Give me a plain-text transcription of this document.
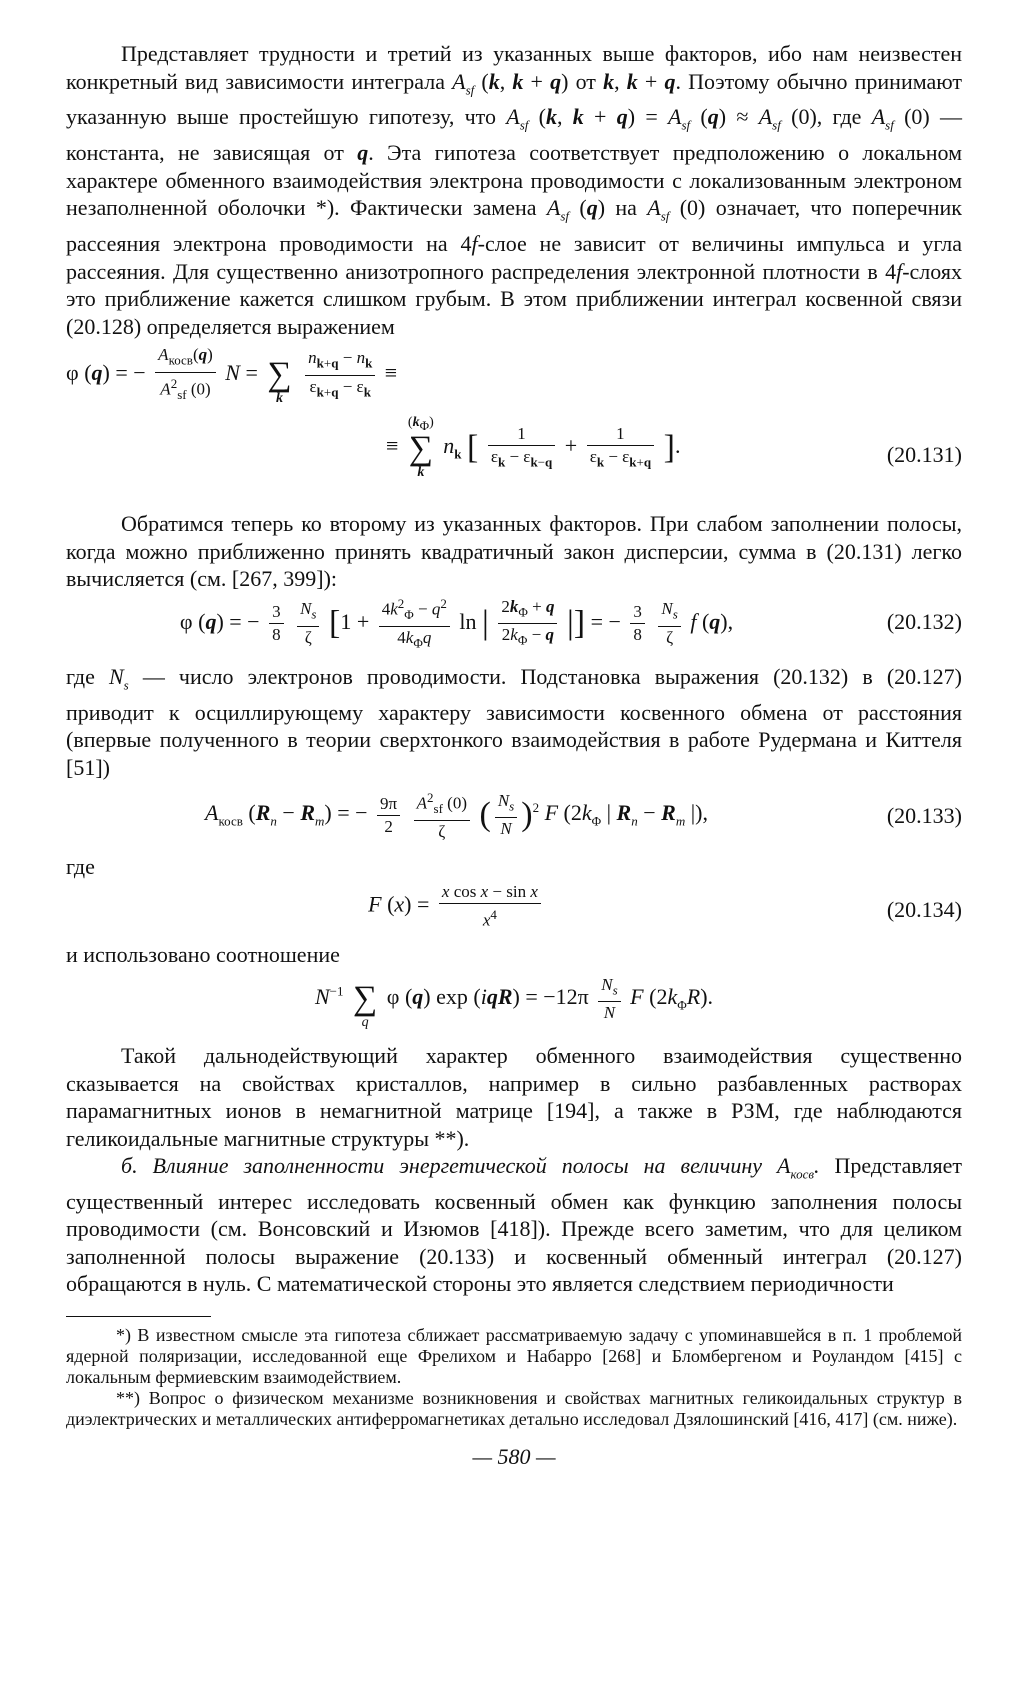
Представляет трудности и третий из указанных выше факторов, ибо нам неизвестен конкретный вид зависимости интеграла $A_{sf}$ (k, k + q) от k, k + q. Поэтому обычно принимают указанную выше простейшую гипотезу, что $A_{sf}$ (k, $k + q) = A_{sf}$ $(q) \approx A_{sf}$ (0), где $A_{sf}$ (0) — константа, не зависящая от q. Эта гипотеза соответствует предположению о локальном характере обменного взаимодействия электрона проводимости с локализованным электроном незаполненной оболочки *). Фактически замена $A_{sf}$ (q) на $A_{sf}$ (0) означает, что поперечник рассеяния электрона проводимости на 4f-слое не зависит от величины импульса и угла рассеяния. Для существенно анизотропного распределения электронной плотности в 4f-слоях это приближение кажется слишком грубым. В этом приближении интеграл косвенной связи (20.128) определяется выражением

φ (q) = − $\frac{A_{косв}(q)}{A^2_{sf} (0)}$ N =
∑
k
	$\frac{n_{k+q} - n_k}{\varepsilon_{k+q} - \varepsilon_k}$ ≡
≡
$(k_\Phi)$
∑
k
$n_k$ [ $\frac{1}{\varepsilon_k - \varepsilon_{k-q}} + \frac{1}{\varepsilon_k - \varepsilon_{k+q}}$ ].	(20.131)

Обратимся теперь ко второму из указанных факторов. При слабом заполнении полосы, когда можно приближенно принять квадратичный закон дисперсии, сумма в (20.131) легко вычисляется (см. [267, 399]):

φ (q) = − $\frac{3}{8}$
$\frac{N_s}{\zeta} [1 + \frac{4k^2_\Phi - q^2}{4k_\Phi q}$ ln | $\frac{2k_\Phi + q}{2k_\Phi - q}$ |] = − $\frac{3}{8}$
$\frac{N_s}{\zeta}$ f (q),	(20.132)

где $N_s$ — число электронов проводимости. Подстановка выражения (20.132) в (20.127) приводит к осциллирующему характеру зависимости косвенного обмена от расстояния (впервые полученного в теории сверхтонкого взаимодействия в работе Рудермана и Киттеля [51])

$A_{косв}$ $(R_n - R_m)$ = − $\frac{9\pi}{2}$
$\frac{A^2_{sf} (0)}{\zeta}$ ( $\frac{N_s}{N} )^2$ F ($2k_\Phi$ | $R_n - R_m$ |),	(20.133)

где

F $(x) = \frac{\text{x cos x − sin x}}{x^4}$	(20.134)

и использовано соотношение

$N^{-1}$
∑
q
φ (q) $\exp (iqR) = -12\pi \frac{N_s}{N}$ F $(2k_\Phi R)$.

Такой дальнодействующий характер обменного взаимодействия существенно сказывается на свойствах кристаллов, например в сильно разбавленных растворах парамагнитных ионов в немагнитной матрице [194], а также в РЗМ, где наблюдаются геликоидальные магнитные структуры **).

б. Влияние заполненности энергетической полосы на величину $A_{косв}$. Представляет существенный интерес исследовать косвенный обмен как функцию заполнения полосы проводимости (см. Вонсовский и Изюмов [418]). Прежде всего заметим, что для целиком заполненной полосы выражение (20.133) и косвенный обменный интеграл (20.127) обращаются в нуль. С математической стороны это является следствием периодичности

*) В известном смысле эта гипотеза сближает рассматриваемую задачу с упоминавшейся в п. 1 проблемой ядерной поляризации, исследованной еще Фрелихом и Набарро [268] и Бломбергеном и Роуландом [415] с локальным фермиевским взаимодействием.

**) Вопрос о физическом механизме возникновения и свойствах магнитных геликоидальных структур в диэлектрических и металлических антиферромагнетиках детально исследовал Дзялошинский [416, 417] (см. ниже).

— 580 —
